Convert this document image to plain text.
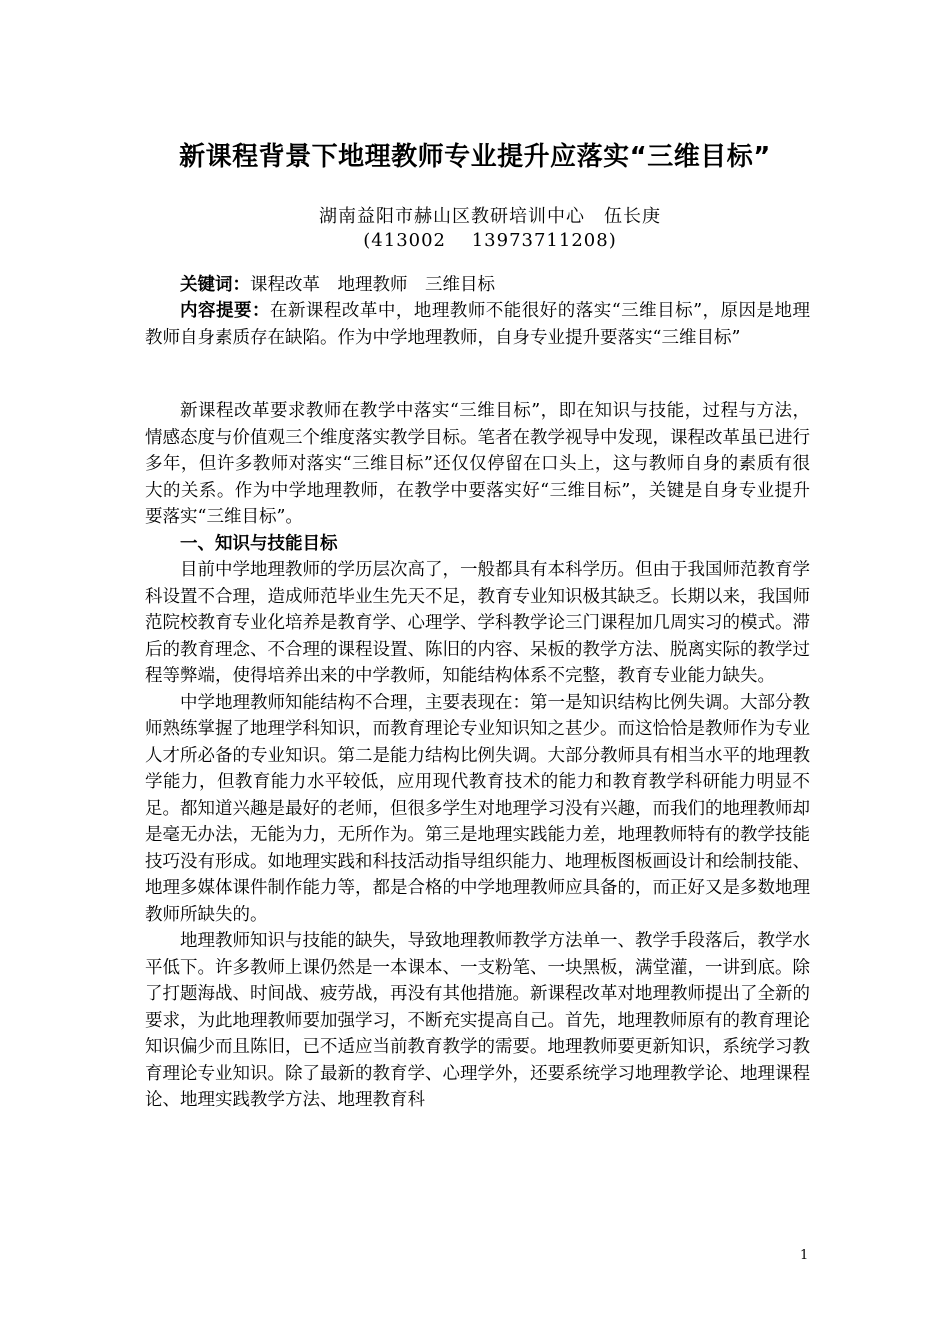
新课程背景下地理教师专业提升应落实“三维目标”
湖南益阳市赫山区教研培训中心　伍长庚
(413002　 13973711208)

关键词：课程改革　地理教师　三维目标

内容提要：在新课程改革中，地理教师不能很好的落实“三维目标”，原因是地理教师自身素质存在缺陷。作为中学地理教师，自身专业提升要落实“三维目标”

新课程改革要求教师在教学中落实“三维目标”，即在知识与技能，过程与方法，情感态度与价值观三个维度落实教学目标。笔者在教学视导中发现，课程改革虽已进行多年，但许多教师对落实“三维目标”还仅仅停留在口头上，这与教师自身的素质有很大的关系。作为中学地理教师，在教学中要落实好“三维目标”，关键是自身专业提升要落实“三维目标”。

一、知识与技能目标

目前中学地理教师的学历层次高了，一般都具有本科学历。但由于我国师范教育学科设置不合理，造成师范毕业生先天不足，教育专业知识极其缺乏。长期以来，我国师范院校教育专业化培养是教育学、心理学、学科教学论三门课程加几周实习的模式。滞后的教育理念、不合理的课程设置、陈旧的内容、呆板的教学方法、脱离实际的教学过程等弊端，使得培养出来的中学教师，知能结构体系不完整，教育专业能力缺失。

中学地理教师知能结构不合理，主要表现在：第一是知识结构比例失调。大部分教师熟练掌握了地理学科知识，而教育理论专业知识知之甚少。而这恰恰是教师作为专业人才所必备的专业知识。第二是能力结构比例失调。大部分教师具有相当水平的地理教学能力，但教育能力水平较低，应用现代教育技术的能力和教育教学科研能力明显不足。都知道兴趣是最好的老师，但很多学生对地理学习没有兴趣，而我们的地理教师却是毫无办法，无能为力，无所作为。第三是地理实践能力差，地理教师特有的教学技能技巧没有形成。如地理实践和科技活动指导组织能力、地理板图板画设计和绘制技能、地理多媒体课件制作能力等，都是合格的中学地理教师应具备的，而正好又是多数地理教师所缺失的。

地理教师知识与技能的缺失，导致地理教师教学方法单一、教学手段落后，教学水平低下。许多教师上课仍然是一本课本、一支粉笔、一块黑板，满堂灌，一讲到底。除了打题海战、时间战、疲劳战，再没有其他措施。新课程改革对地理教师提出了全新的要求，为此地理教师要加强学习，不断充实提高自己。首先，地理教师原有的教育理论知识偏少而且陈旧，已不适应当前教育教学的需要。地理教师要更新知识，系统学习教育理论专业知识。除了最新的教育学、心理学外，还要系统学习地理教学论、地理课程论、地理实践教学方法、地理教育科

1
